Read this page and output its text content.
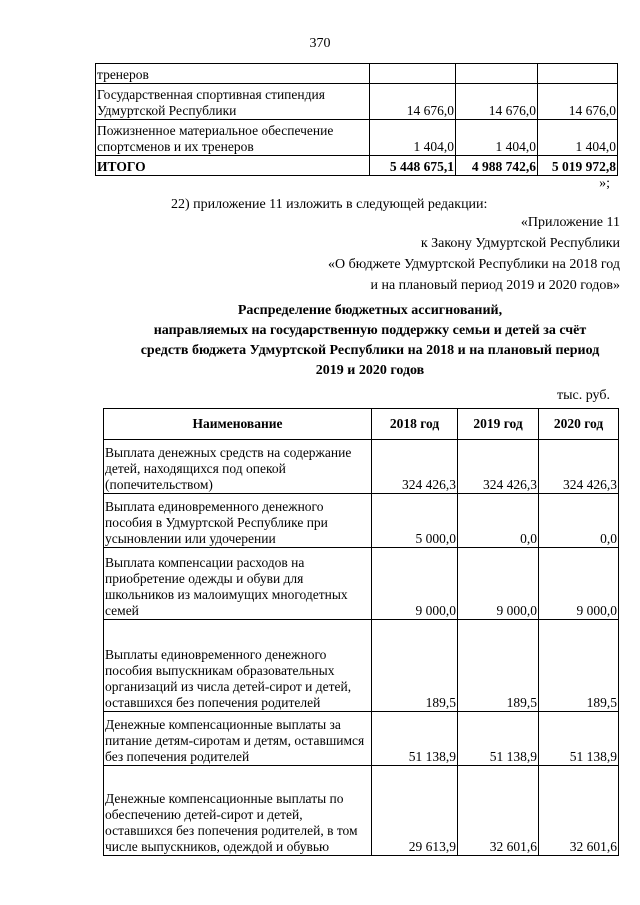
370
тренеров			
Государственная спортивная стипендия Удмуртской Республики	14 676,0	14 676,0	14 676,0
Пожизненное материальное обеспечение спортсменов и их тренеров	1 404,0	1 404,0	1 404,0
ИТОГО	5 448 675,1	4 988 742,6	5 019 972,8
»;
22) приложение 11 изложить в следующей редакции:
«Приложение 11
к Закону Удмуртской Республики
«О бюджете Удмуртской Республики на 2018 год
и на плановый период 2019 и 2020 годов»
Распределение бюджетных ассигнований,
направляемых на государственную поддержку семьи и детей за счёт
средств бюджета Удмуртской Республики на 2018 и на плановый период
2019 и 2020 годов
тыс. руб.
Наименование	2018 год	2019 год	2020 год
Выплата денежных средств на содержание детей, находящихся под опекой (попечительством)	324 426,3	324 426,3	324 426,3
Выплата единовременного денежного пособия в Удмуртской Республике при усыновлении или удочерении	5 000,0	0,0	0,0
Выплата компенсации расходов на приобретение одежды и обуви для школьников из малоимущих многодетных семей	9 000,0	9 000,0	9 000,0
Выплаты единовременного денежного пособия выпускникам образовательных организаций из числа детей-сирот и детей, оставшихся без попечения родителей	189,5	189,5	189,5
Денежные компенсационные выплаты за питание детям-сиротам и детям, оставшимся без попечения родителей	51 138,9	51 138,9	51 138,9
Денежные компенсационные выплаты по обеспечению детей-сирот и детей, оставшихся без попечения родителей, в том числе выпускников, одеждой и обувью	29 613,9	32 601,6	32 601,6
